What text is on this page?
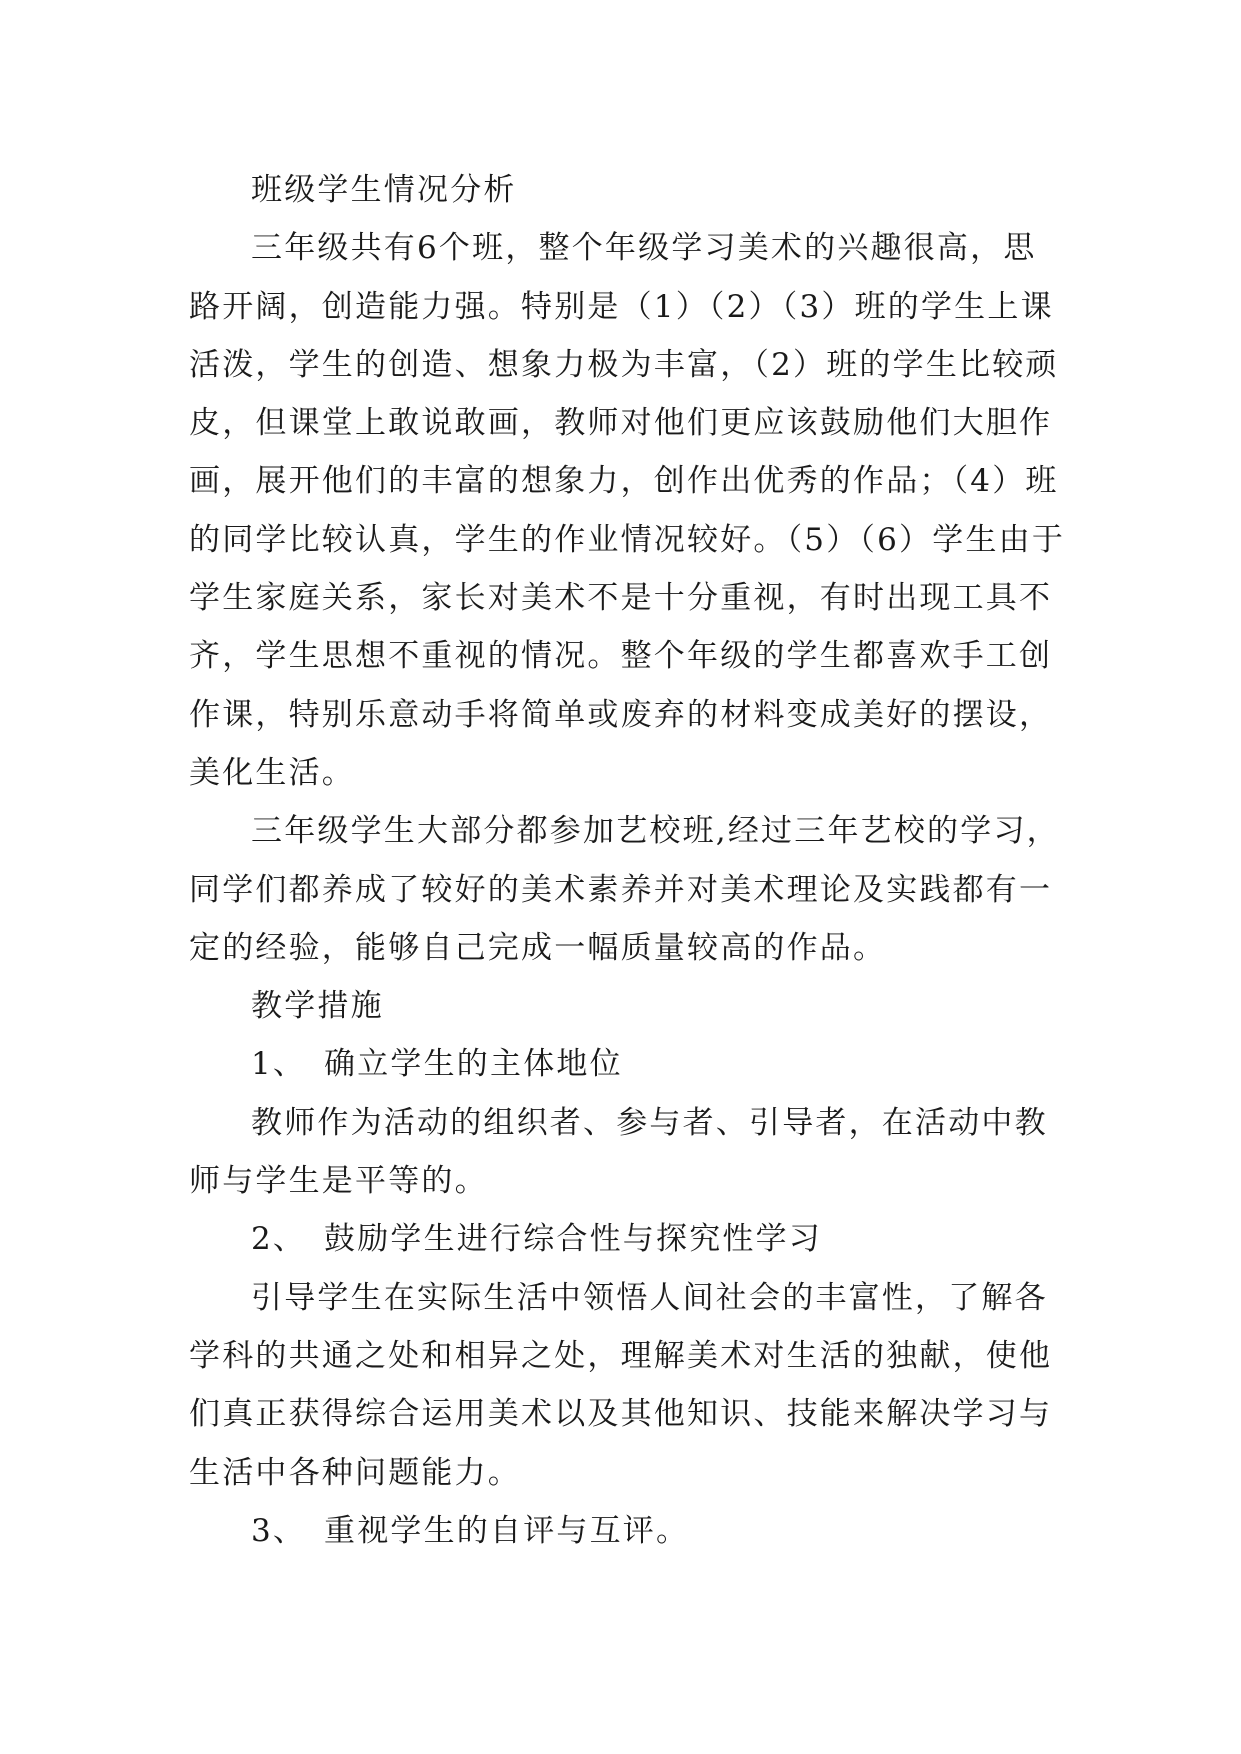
班级学生情况分析

三年级共有6个班，整个年级学习美术的兴趣很高，思路开阔，创造能力强。特别是（1）（2）（3）班的学生上课活泼，学生的创造、想象力极为丰富，（2）班的学生比较顽皮，但课堂上敢说敢画，教师对他们更应该鼓励他们大胆作画，展开他们的丰富的想象力，创作出优秀的作品；（4）班的同学比较认真，学生的作业情况较好。（5）（6）学生由于学生家庭关系，家长对美术不是十分重视，有时出现工具不齐，学生思想不重视的情况。整个年级的学生都喜欢手工创作课，特别乐意动手将简单或废弃的材料变成美好的摆设，美化生活。

三年级学生大部分都参加艺校班,经过三年艺校的学习，同学们都养成了较好的美术素养并对美术理论及实践都有一定的经验，能够自己完成一幅质量较高的作品。

教学措施

1、 确立学生的主体地位

教师作为活动的组织者、参与者、引导者，在活动中教师与学生是平等的。

2、 鼓励学生进行综合性与探究性学习

引导学生在实际生活中领悟人间社会的丰富性，了解各学科的共通之处和相异之处，理解美术对生活的独献，使他们真正获得综合运用美术以及其他知识、技能来解决学习与生活中各种问题能力。

3、 重视学生的自评与互评。
